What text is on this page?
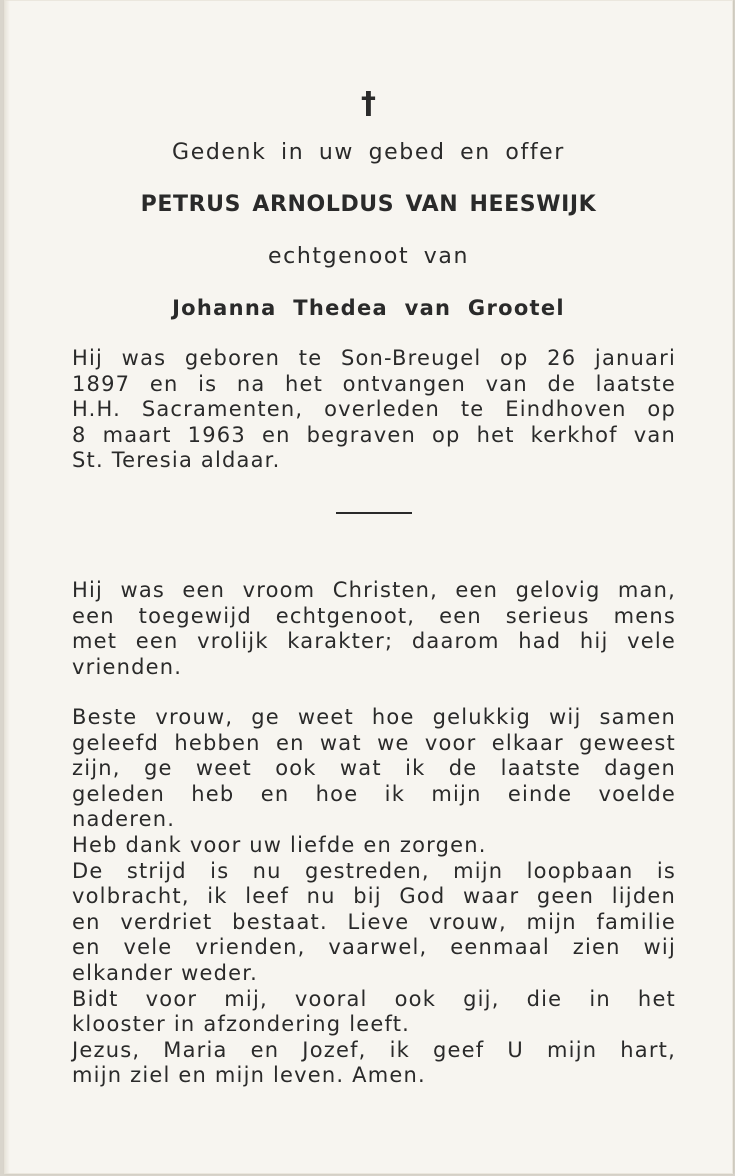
†
Gedenk in uw gebed en offer
PETRUS ARNOLDUS VAN HEESWIJK
echtgenoot van
Johanna Thedea van Grootel

Hij was geboren te Son-Breugel op 26 januari
1897 en is na het ontvangen van de laatste
H.H. Sacramenten, overleden te Eindhoven op
8 maart 1963 en begraven op het kerkhof van
St. Teresia aldaar.

Hij was een vroom Christen, een gelovig man,
een toegewijd echtgenoot, een serieus mens
met een vrolijk karakter; daarom had hij vele
vrienden.

Beste vrouw, ge weet hoe gelukkig wij samen
geleefd hebben en wat we voor elkaar geweest
zijn, ge weet ook wat ik de laatste dagen
geleden heb en hoe ik mijn einde voelde
naderen.
Heb dank voor uw liefde en zorgen.
De strijd is nu gestreden, mijn loopbaan is
volbracht, ik leef nu bij God waar geen lijden
en verdriet bestaat. Lieve vrouw, mijn familie
en vele vrienden, vaarwel, eenmaal zien wij
elkander weder.
Bidt voor mij, vooral ook gij, die in het
klooster in afzondering leeft.
Jezus, Maria en Jozef, ik geef U mijn hart,
mijn ziel en mijn leven. Amen.
